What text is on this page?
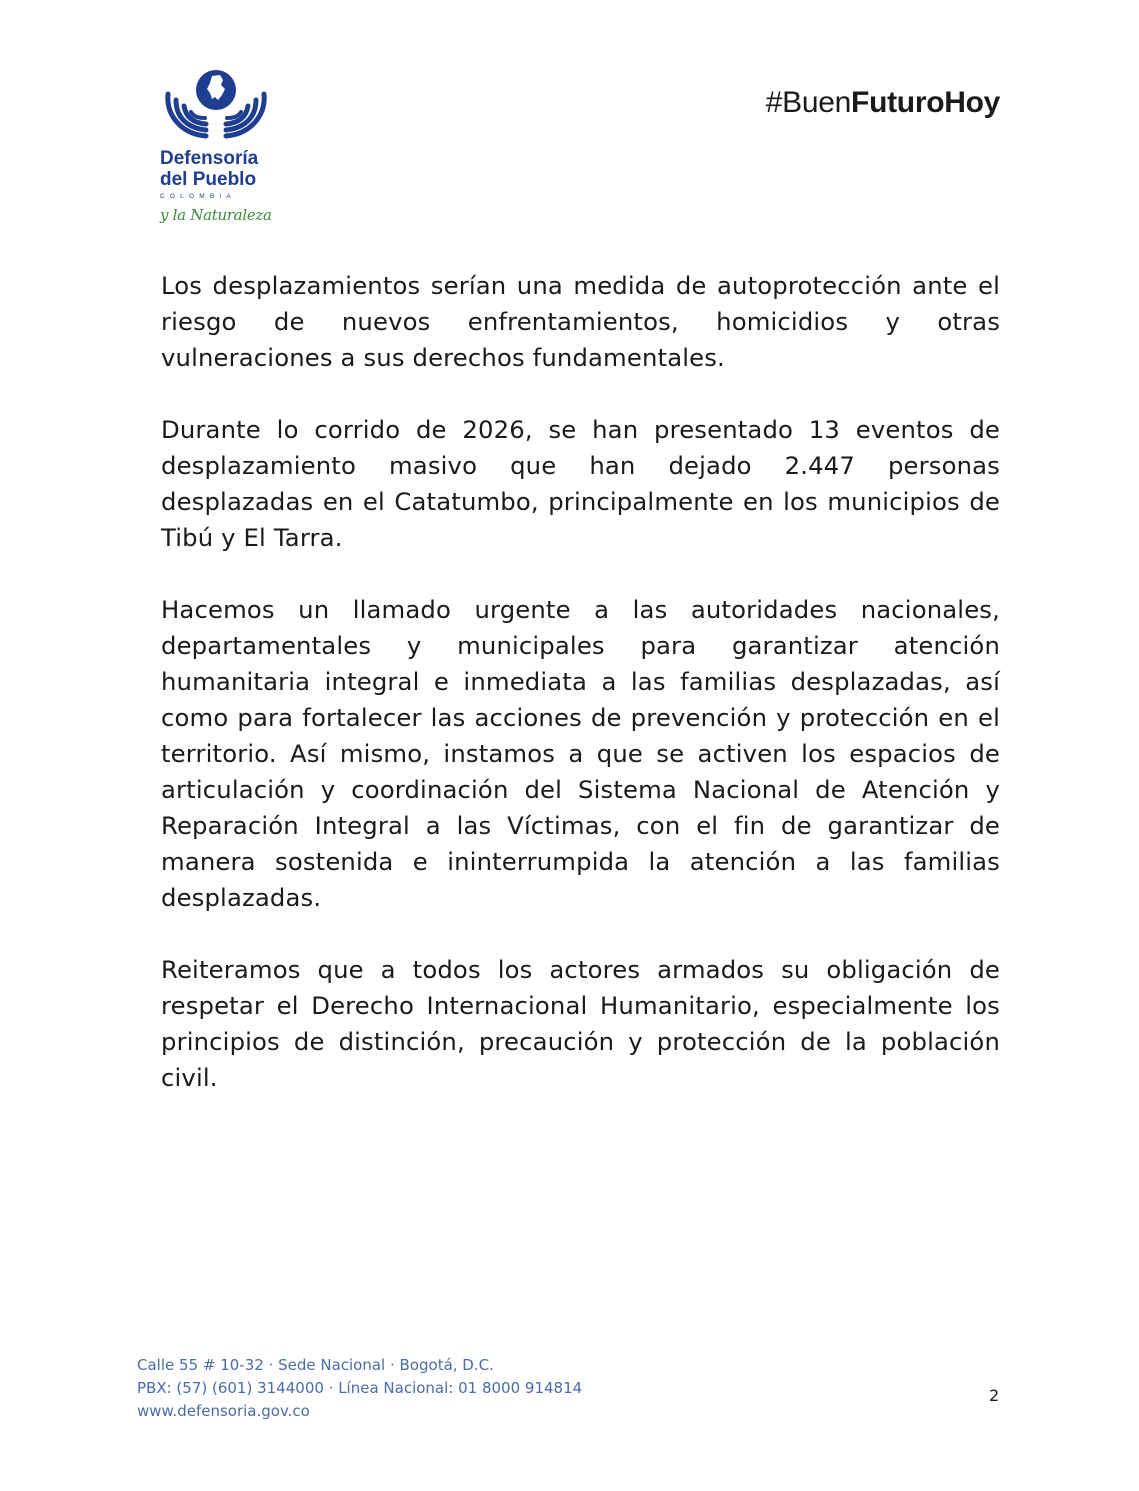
Defensoría
del Pueblo
COLOMBIA
y la Naturaleza
#BuenFuturoHoy

Los desplazamientos serían una medida de autoprotección ante el riesgo de nuevos enfrentamientos, homicidios y otras vulneraciones a sus derechos fundamentales.

Durante lo corrido de 2026, se han presentado 13 eventos de desplazamiento masivo que han dejado 2.447 personas desplazadas en el Catatumbo, principalmente en los municipios de Tibú y El Tarra.

Hacemos un llamado urgente a las autoridades nacionales, departamentales y municipales para garantizar atención humanitaria integral e inmediata a las familias desplazadas, así como para fortalecer las acciones de prevención y protección en el territorio. Así mismo, instamos a que se activen los espacios de articulación y coordinación del Sistema Nacional de Atención y Reparación Integral a las Víctimas, con el fin de garantizar de manera sostenida e ininterrumpida la atención a las familias desplazadas.

Reiteramos que a todos los actores armados su obligación de respetar el Derecho Internacional Humanitario, especialmente los principios de distinción, precaución y protección de la población civil.

Calle 55 # 10-32 · Sede Nacional · Bogotá, D.C.
PBX: (57) (601) 3144000 · Línea Nacional: 01 8000 914814
www.defensoria.gov.co
2
